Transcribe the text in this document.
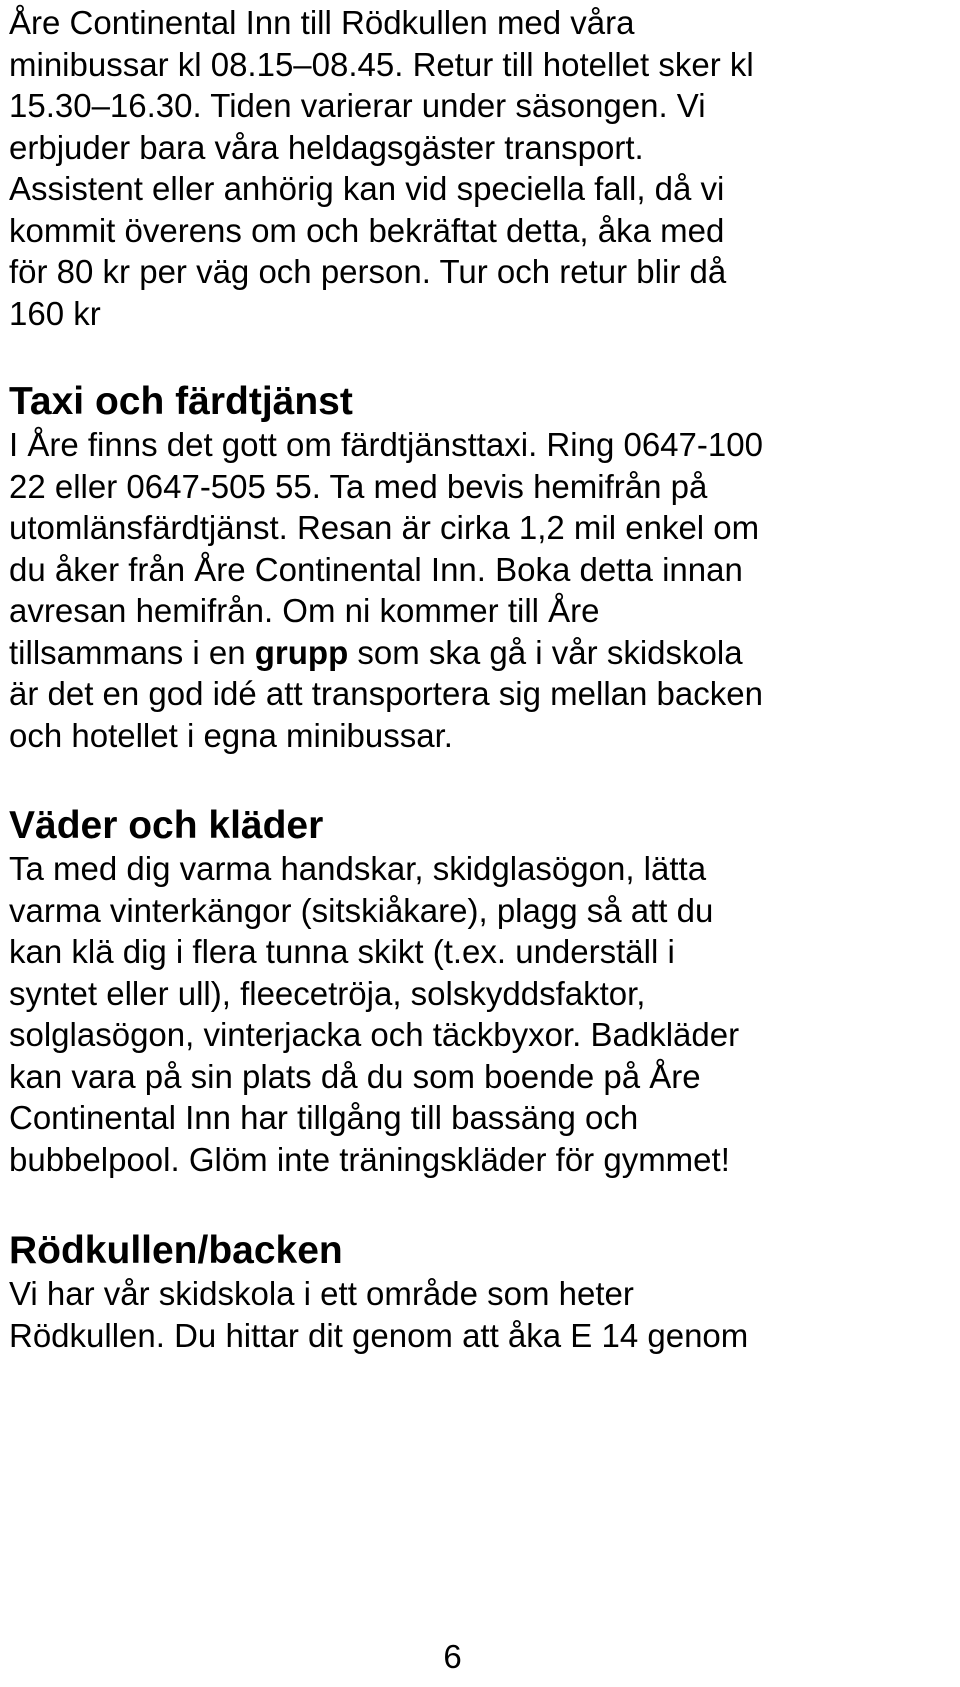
Åre Continental Inn till Rödkullen med våra
minibussar kl 08.15–08.45. Retur till hotellet sker kl
15.30–16.30. Tiden varierar under säsongen. Vi
erbjuder bara våra heldagsgäster transport.
Assistent eller anhörig kan vid speciella fall, då vi
kommit överens om och bekräftat detta, åka med
för 80 kr per väg och person. Tur och retur blir då
160 kr

Taxi och färdtjänst

I Åre finns det gott om färdtjänsttaxi. Ring 0647-100
22 eller 0647-505 55. Ta med bevis hemifrån på
utomlänsfärdtjänst. Resan är cirka 1,2 mil enkel om
du åker från Åre Continental Inn. Boka detta innan
avresan hemifrån. Om ni kommer till Åre
tillsammans i en grupp som ska gå i vår skidskola
är det en god idé att transportera sig mellan backen
och hotellet i egna minibussar.

Väder och kläder

Ta med dig varma handskar, skidglasögon, lätta
varma vinterkängor (sitskiåkare), plagg så att du
kan klä dig i flera tunna skikt (t.ex. underställ i
syntet eller ull), fleecetröja, solskyddsfaktor,
solglasögon, vinterjacka och täckbyxor. Badkläder
kan vara på sin plats då du som boende på Åre
Continental Inn har tillgång till bassäng och
bubbelpool. Glöm inte träningskläder för gymmet!

Rödkullen/backen

Vi har vår skidskola i ett område som heter
Rödkullen. Du hittar dit genom att åka E 14 genom

6
